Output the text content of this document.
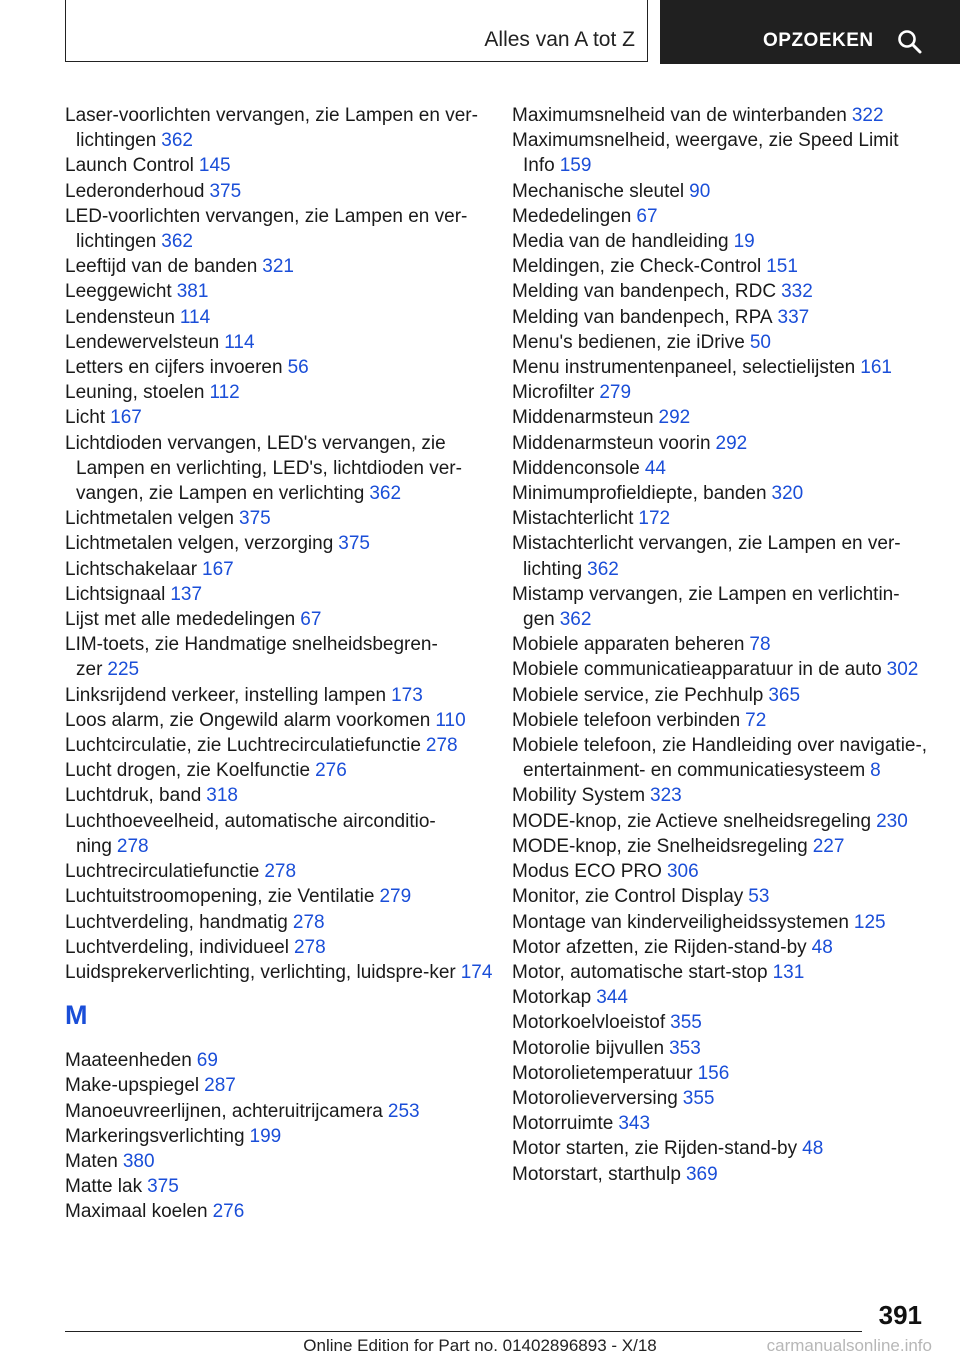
Alles van A tot Z	OPZOEKEN
Laser-voorlichten vervangen, zie Lampen en ver-lichtingen 362
Launch Control 145
Lederonderhoud 375
LED-voorlichten vervangen, zie Lampen en ver-lichtingen 362
Leeftijd van de banden 321
Leeggewicht 381
Lendensteun 114
Lendewervelsteun 114
Letters en cijfers invoeren 56
Leuning, stoelen 112
Licht 167
Lichtdioden vervangen, LED's vervangen, zie Lampen en verlichting, LED's, lichtdioden ver-vangen, zie Lampen en verlichting 362
Lichtmetalen velgen 375
Lichtmetalen velgen, verzorging 375
Lichtschakelaar 167
Lichtsignaal 137
Lijst met alle mededelingen 67
LIM-toets, zie Handmatige snelheidsbegren-zer 225
Linksrijdend verkeer, instelling lampen 173
Loos alarm, zie Ongewild alarm voorkomen 110
Luchtcirculatie, zie Luchtrecirculatiefunctie 278
Lucht drogen, zie Koelfunctie 276
Luchtdruk, band 318
Luchthoeveelheid, automatische airconditio-ning 278
Luchtrecirculatiefunctie 278
Luchtuitstroomopening, zie Ventilatie 279
Luchtverdeling, handmatig 278
Luchtverdeling, individueel 278
Luidsprekerverlichting, verlichting, luidspre-ker 174
M
Maateenheden 69
Make-upspiegel 287
Manoeuvreerlijnen, achteruitrijcamera 253
Markeringsverlichting 199
Maten 380
Matte lak 375
Maximaal koelen 276
Maximumsnelheid van de winterbanden 322
Maximumsnelheid, weergave, zie Speed Limit Info 159
Mechanische sleutel 90
Mededelingen 67
Media van de handleiding 19
Meldingen, zie Check-Control 151
Melding van bandenpech, RDC 332
Melding van bandenpech, RPA 337
Menu's bedienen, zie iDrive 50
Menu instrumentenpaneel, selectielijsten 161
Microfilter 279
Middenarmsteun 292
Middenarmsteun voorin 292
Middenconsole 44
Minimumprofieldiepte, banden 320
Mistachterlicht 172
Mistachterlicht vervangen, zie Lampen en ver-lichting 362
Mistamp vervangen, zie Lampen en verlichtin-gen 362
Mobiele apparaten beheren 78
Mobiele communicatieapparatuur in de auto 302
Mobiele service, zie Pechhulp 365
Mobiele telefoon verbinden 72
Mobiele telefoon, zie Handleiding over navigatie-, entertainment- en communicatiesysteem 8
Mobility System 323
MODE-knop, zie Actieve snelheidsregeling 230
MODE-knop, zie Snelheidsregeling 227
Modus ECO PRO 306
Monitor, zie Control Display 53
Montage van kinderveiligheidssystemen 125
Motor afzetten, zie Rijden-stand-by 48
Motor, automatische start-stop 131
Motorkap 344
Motorkoelvloeistof 355
Motorolie bijvullen 353
Motorolietemperatuur 156
Motorolieverversing 355
Motorruimte 343
Motor starten, zie Rijden-stand-by 48
Motorstart, starthulp 369
391
Online Edition for Part no. 01402896893 - X/18	carmanualsonline.info
